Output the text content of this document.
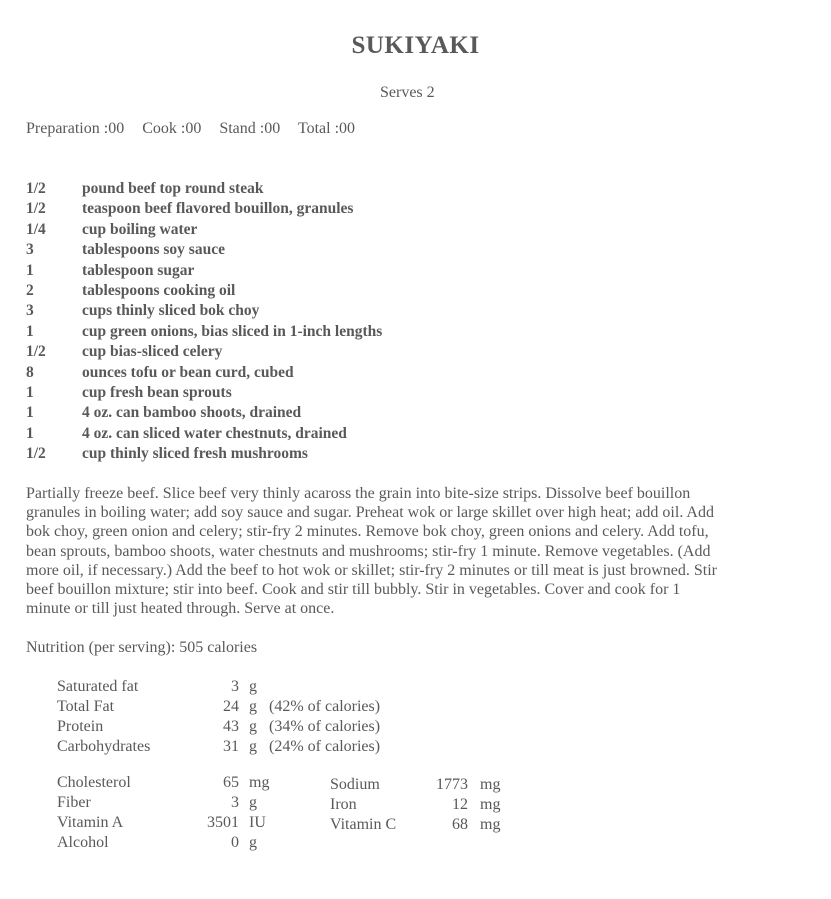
SUKIYAKI
Serves 2
Preparation :00 Cook :00 Stand :00 Total :00
1/2 pound beef top round steak
1/2 teaspoon beef flavored bouillon, granules
1/4 cup boiling water
3	tablespoons soy sauce
1	tablespoon sugar
2	tablespoons cooking oil
3	cups thinly sliced bok choy
1	cup green onions, bias sliced in 1-inch lengths
1/2 cup bias-sliced celery
8	ounces tofu or bean curd, cubed
1	cup fresh bean sprouts
1	4 oz. can bamboo shoots, drained
1	4 oz. can sliced water chestnuts, drained
1/2 cup thinly sliced fresh mushrooms
Partially freeze beef. Slice beef very thinly acaross the grain into bite-size strips. Dissolve beef bouillon
granules in boiling water; add soy sauce and sugar. Preheat wok or large skillet over high heat; add oil. Add
bok choy, green onion and celery; stir-fry 2 minutes. Remove bok choy, green onions and celery. Add tofu,
bean sprouts, bamboo shoots, water chestnuts and mushrooms; stir-fry 1 minute. Remove vegetables. (Add
more oil, if necessary.) Add the beef to hot wok or skillet; stir-fry 2 minutes or till meat is just browned. Stir
beef bouillon mixture; stir into beef. Cook and stir till bubbly. Stir in vegetables. Cover and cook for 1
minute or till just heated through. Serve at once.
Nutrition (per serving): 505 calories
Saturated fat	3 g
Total Fat	24 g (42% of calories)
Protein	43 g (34% of calories)
Carbohydrates	31 g (24% of calories)
Cholesterol	65 mg
Fiber	3 g
Vitamin A	3501 IU
Alcohol	0 g
Sodium	1773 mg
Iron	12 mg
Vitamin C	68 mg
